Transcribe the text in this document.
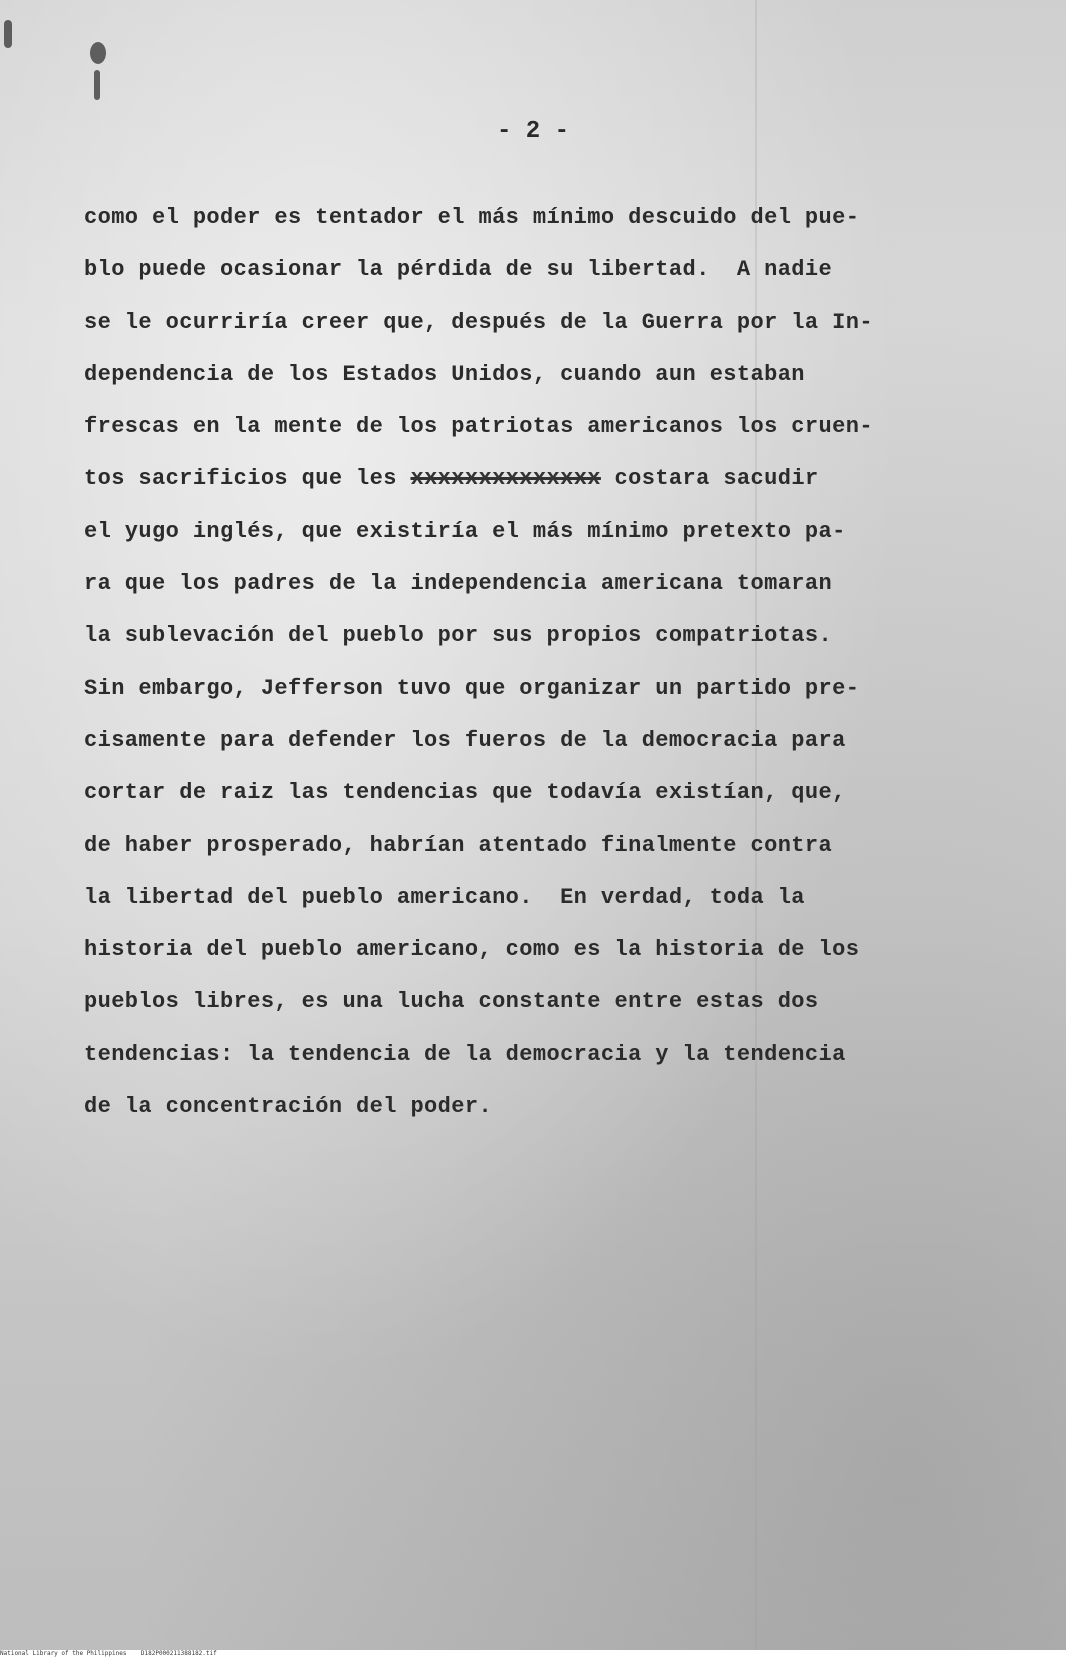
- 2 -

como el poder es tentador el más mínimo descuido del pue-
blo puede ocasionar la pérdida de su libertad.  A nadie
se le ocurriría creer que, después de la Guerra por la In-
dependencia de los Estados Unidos, cuando aun estaban
frescas en la mente de los patriotas americanos los cruen-
tos sacrificios que les xxxxxxxxxxxxxx costara sacudir
el yugo inglés, que existiría el más mínimo pretexto pa-
ra que los padres de la independencia americana tomaran
la sublevación del pueblo por sus propios compatriotas.
Sin embargo, Jefferson tuvo que organizar un partido pre-
cisamente para defender los fueros de la democracia para
cortar de raiz las tendencias que todavía existían, que,
de haber prosperado, habrían atentado finalmente contra
la libertad del pueblo americano.  En verdad, toda la
historia del pueblo americano, como es la historia de los
pueblos libres, es una lucha constante entre estas dos
tendencias: la tendencia de la democracia y la tendencia
de la concentración del poder.
National Library of the Philippines    D182P000211388182.tif
